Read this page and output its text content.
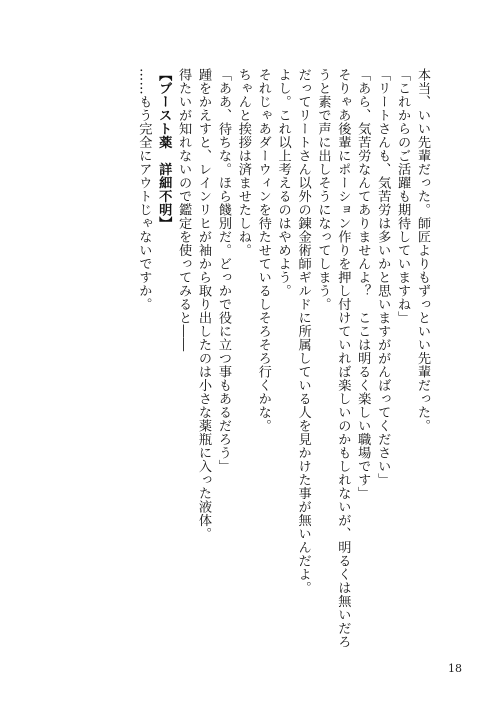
本当、いい先輩だった。師匠よりもずっといい先輩だった。
「これからのご活躍も期待していますね」
「リートさんも、気苦労は多いかと思いますががんばってください」
「あら、気苦労なんてありませんよ？　ここは明るく楽しい職場です」
そりゃあ後輩にポーション作りを押し付けていれば楽しいのかもしれないが、明るくは無いだろ
うと素で声に出しそうになってしまう。
だってリートさん以外の錬金術師ギルドに所属している人を見かけた事が無いんだよ。
よし。これ以上考えるのはやめよう。
それじゃあダーウィンを待たせているしそろそろ行くかな。
ちゃんと挨拶は済ませたしね。
「ああ、待ちな。ほら餞別だ。どっかで役に立つ事もあるだろう」
踵をかえすと、レインリヒが袖から取り出したのは小さな薬瓶に入った液体。
得たいが知れないので鑑定を使ってみると――
【ブースト薬　詳細不明】
……もう完全にアウトじゃないですか。
18
